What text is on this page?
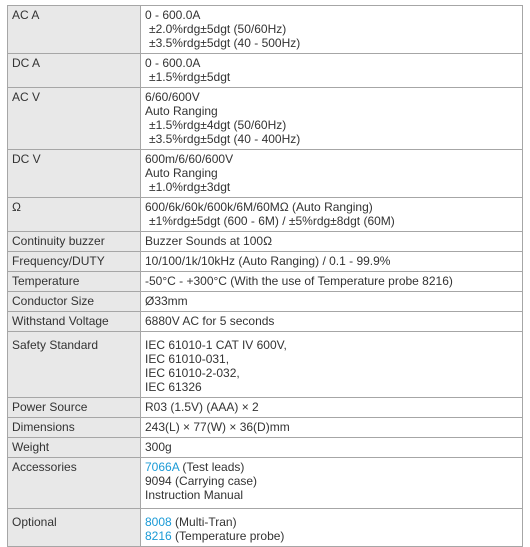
AC A	0 - 600.0A
±2.0%rdg±5dgt (50/60Hz)
±3.5%rdg±5dgt (40 - 500Hz)

DC A	0 - 600.0A
±1.5%rdg±5dgt

AC V	6/60/600V
Auto Ranging
±1.5%rdg±4dgt (50/60Hz)
±3.5%rdg±5dgt (40 - 400Hz)

DC V	600m/6/60/600V
Auto Ranging
±1.0%rdg±3dgt

Ω	600/6k/60k/600k/6M/60MΩ (Auto Ranging)
±1%rdg±5dgt (600 - 6M) / ±5%rdg±8dgt (60M)

Continuity buzzer	Buzzer Sounds at 100Ω

Frequency/DUTY	10/100/1k/10kHz (Auto Ranging) / 0.1 - 99.9%

Temperature	-50°C - +300°C (With the use of Temperature probe 8216)

Conductor Size	Ø33mm

Withstand Voltage	6880V AC for 5 seconds

Safety Standard	IEC 61010-1 CAT IV 600V,
IEC 61010-031,
IEC 61010-2-032,
IEC 61326

Power Source	R03 (1.5V) (AAA) × 2

Dimensions	243(L) × 77(W) × 36(D)mm

Weight	300g

Accessories	7066A (Test leads)
9094 (Carrying case)
Instruction Manual

Optional	8008 (Multi-Tran)
8216 (Temperature probe)
